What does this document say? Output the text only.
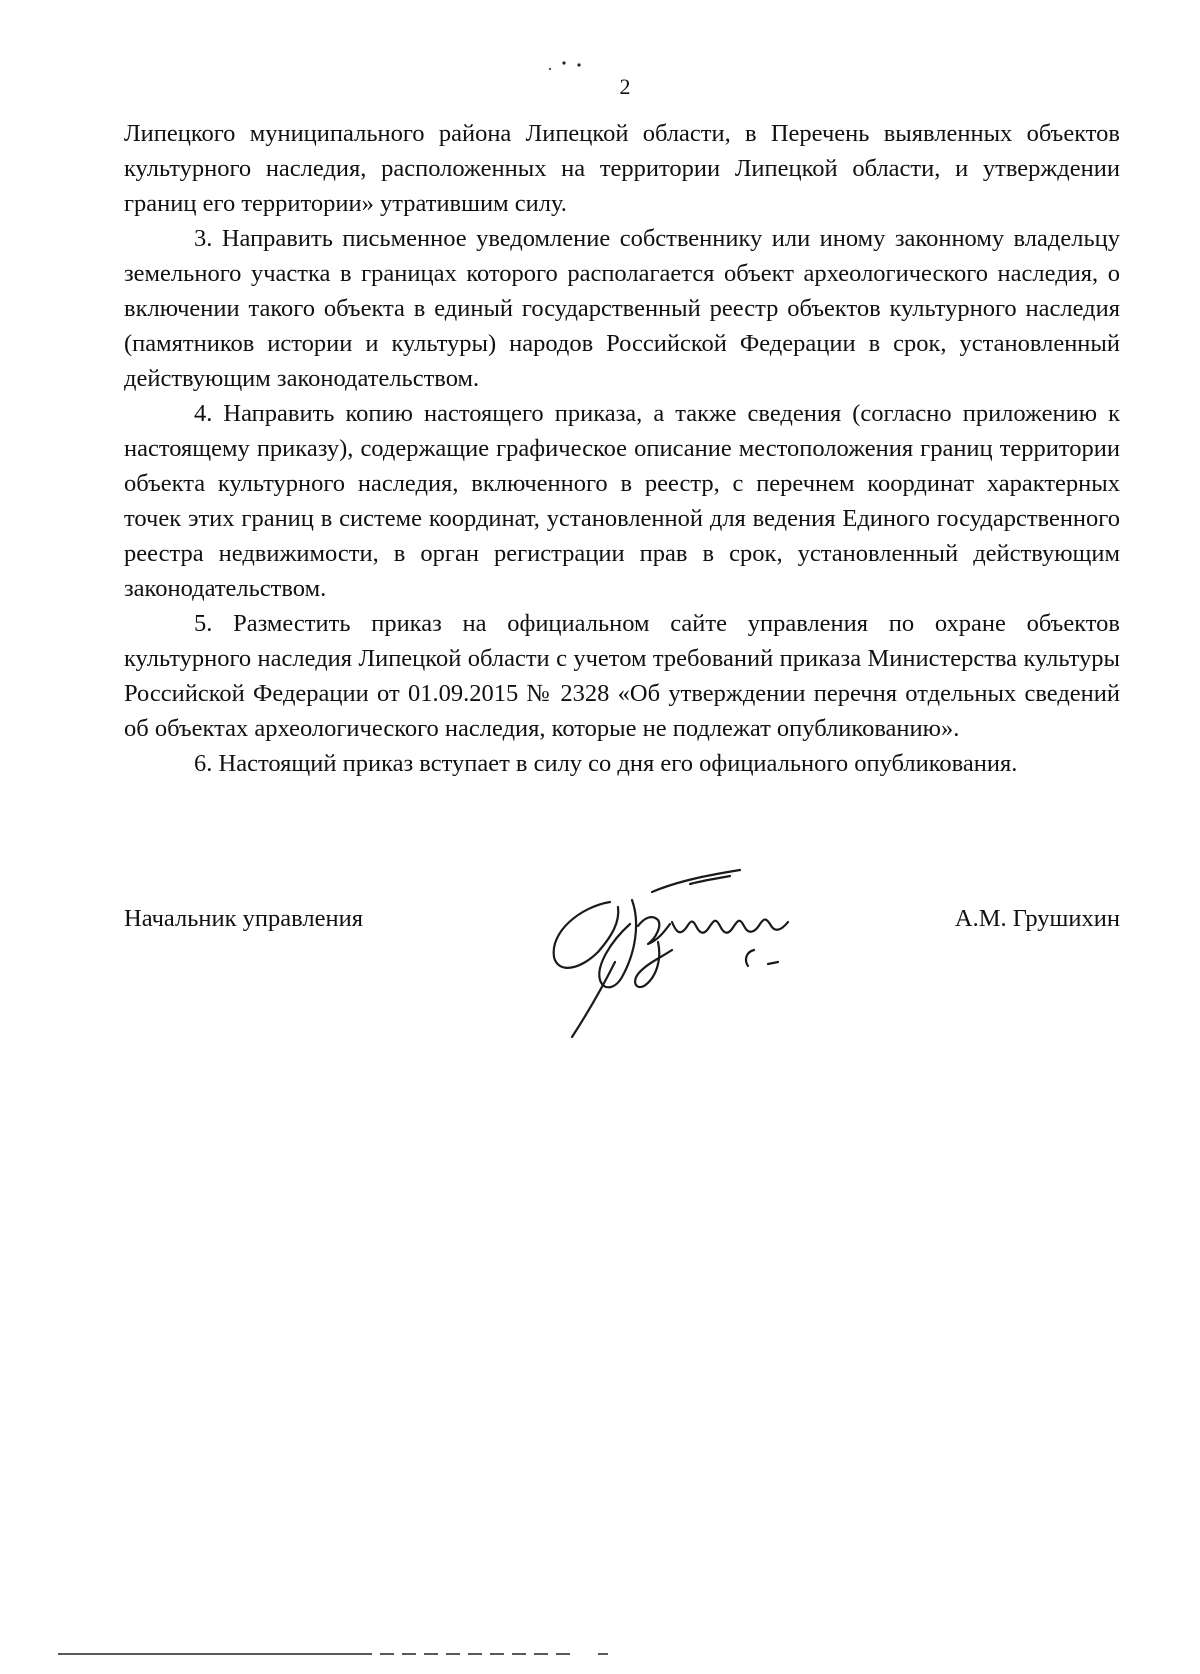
2

Липецкого муниципального района Липецкой области, в Перечень выявленных объектов культурного наследия, расположенных на территории Липецкой области, и утверждении границ его территории» утратившим силу.

3. Направить письменное уведомление собственнику или иному законному владельцу земельного участка в границах которого располагается объект археологического наследия, о включении такого объекта в единый государственный реестр объектов культурного наследия (памятников истории и культуры) народов Российской Федерации в срок, установленный действующим законодательством.

4. Направить копию настоящего приказа, а также сведения (согласно приложению к настоящему приказу), содержащие графическое описание местоположения границ территории объекта культурного наследия, включенного в реестр, с перечнем координат характерных точек этих границ в системе координат, установленной для ведения Единого государственного реестра недвижимости, в орган регистрации прав в срок, установленный действующим законодательством.

5. Разместить приказ на официальном сайте управления по охране объектов культурного наследия Липецкой области с учетом требований приказа Министерства культуры Российской Федерации от 01.09.2015 № 2328 «Об утверждении перечня отдельных сведений об объектах археологического наследия, которые не подлежат опубликованию».

6. Настоящий приказ вступает в силу со дня его официального опубликования.

Начальник управления	А.М. Грушихин
